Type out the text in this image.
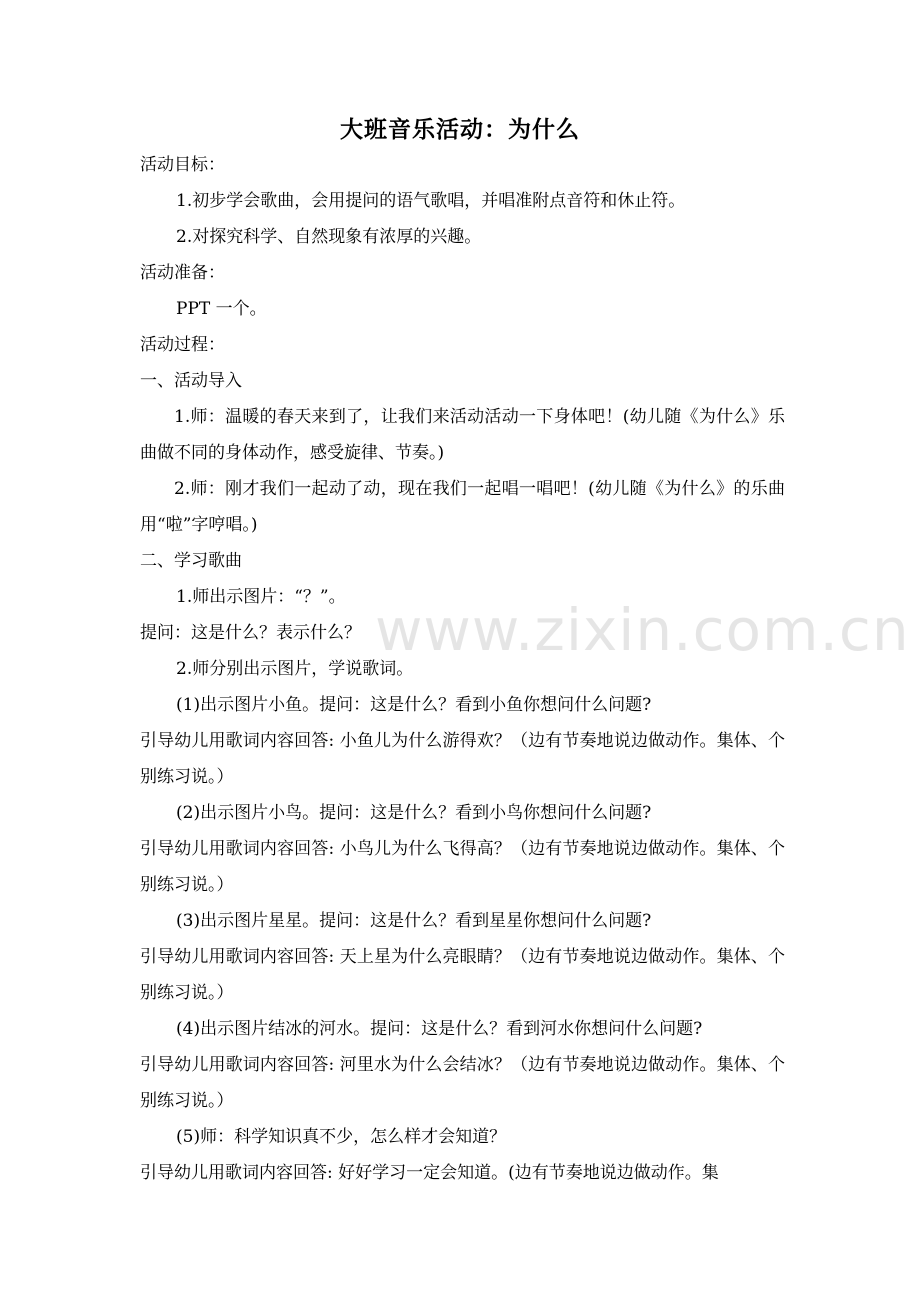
大班音乐活动：为什么

活动目标：

1.初步学会歌曲，会用提问的语气歌唱，并唱准附点音符和休止符。

2.对探究科学、自然现象有浓厚的兴趣。

活动准备：

PPT 一个。

活动过程：

一、活动导入

1.师：温暖的春天来到了，让我们来活动活动一下身体吧！(幼儿随《为什么》乐曲做不同的身体动作，感受旋律、节奏。)

2.师：刚才我们一起动了动，现在我们一起唱一唱吧！(幼儿随《为什么》的乐曲用“啦”字哼唱。)

二、学习歌曲

1.师出示图片：“？”。

提问：这是什么？表示什么？

2.师分别出示图片，学说歌词。

(1)出示图片小鱼。提问：这是什么？看到小鱼你想问什么问题?

引导幼儿用歌词内容回答: 小鱼儿为什么游得欢？（边有节奏地说边做动作。集体、个别练习说。）

(2)出示图片小鸟。提问：这是什么？看到小鸟你想问什么问题?

引导幼儿用歌词内容回答: 小鸟儿为什么飞得高？（边有节奏地说边做动作。集体、个别练习说。）

(3)出示图片星星。提问：这是什么？看到星星你想问什么问题?

引导幼儿用歌词内容回答: 天上星为什么亮眼睛？（边有节奏地说边做动作。集体、个别练习说。）

(4)出示图片结冰的河水。提问：这是什么？看到河水你想问什么问题?

引导幼儿用歌词内容回答: 河里水为什么会结冰？（边有节奏地说边做动作。集体、个别练习说。）

(5)师：科学知识真不少，怎么样才会知道？

引导幼儿用歌词内容回答: 好好学习一定会知道。(边有节奏地说边做动作。集

www.zixin.com.cn
